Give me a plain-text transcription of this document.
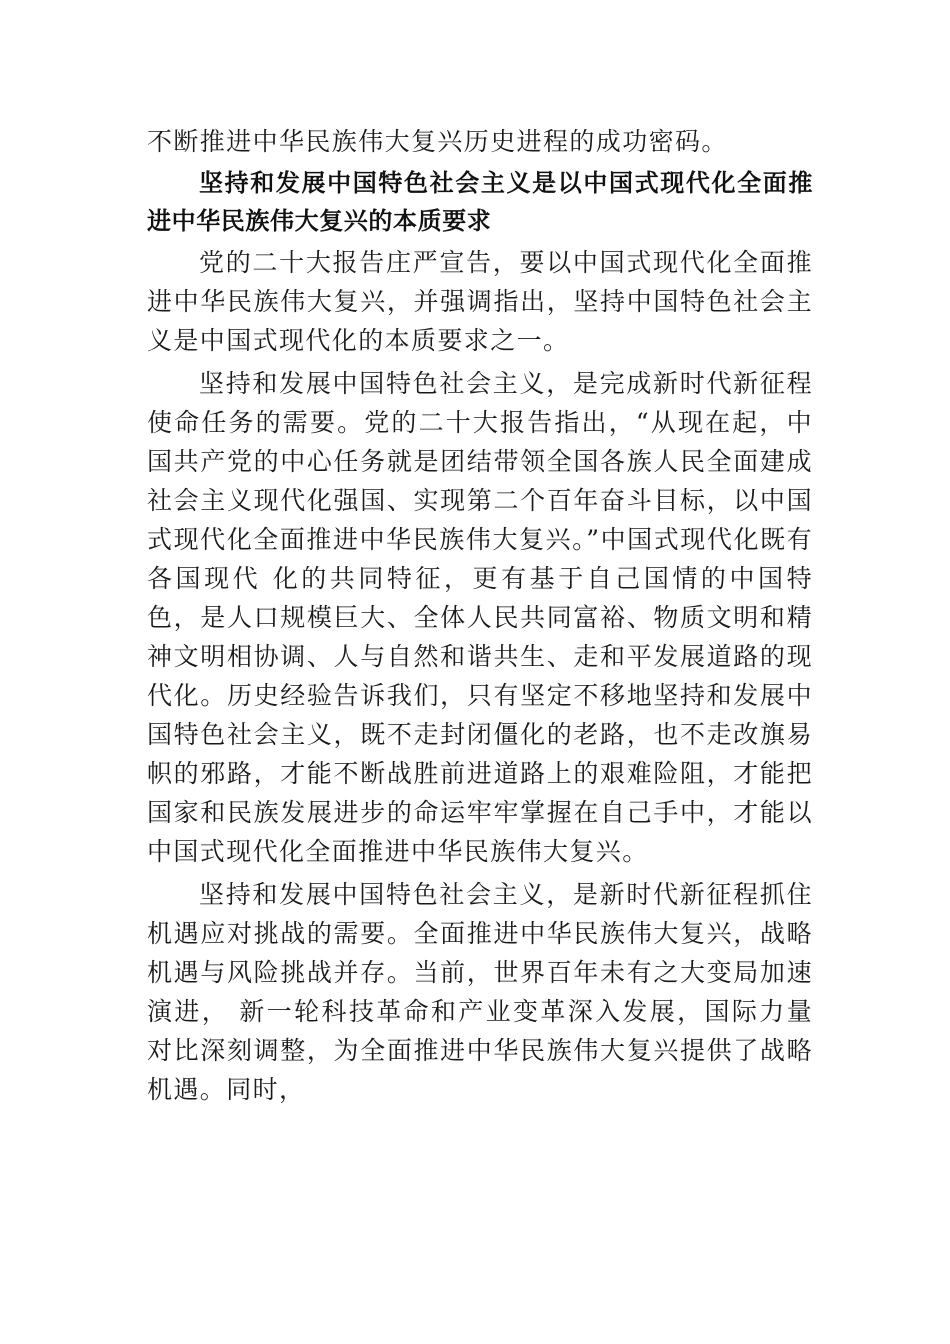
不断推进中华民族伟大复兴历史进程的成功密码。

坚持和发展中国特色社会主义是以中国式现代化全面推进中华民族伟大复兴的本质要求

党的二十大报告庄严宣告，要以中国式现代化全面推进中华民族伟大复兴，并强调指出，坚持中国特色社会主义是中国式现代化的本质要求之一。

坚持和发展中国特色社会主义，是完成新时代新征程使命任务的需要。党的二十大报告指出，“从现在起，中国共产党的中心任务就是团结带领全国各族人民全面建成社会主义现代化强国、实现第二个百年奋斗目标，以中国式现代化全面推进中华民族伟大复兴。”中国式现代化既有各国现代 化的共同特征，更有基于自己国情的中国特色，是人口规模巨大、全体人民共同富裕、物质文明和精神文明相协调、人与自然和谐共生、走和平发展道路的现代化。历史经验告诉我们，只有坚定不移地坚持和发展中国特色社会主义，既不走封闭僵化的老路，也不走改旗易帜的邪路，才能不断战胜前进道路上的艰难险阻，才能把国家和民族发展进步的命运牢牢掌握在自己手中，才能以中国式现代化全面推进中华民族伟大复兴。

坚持和发展中国特色社会主义，是新时代新征程抓住机遇应对挑战的需要。全面推进中华民族伟大复兴，战略机遇与风险挑战并存。当前，世界百年未有之大变局加速演进， 新一轮科技革命和产业变革深入发展，国际力量对比深刻调整，为全面推进中华民族伟大复兴提供了战略机遇。同时，
